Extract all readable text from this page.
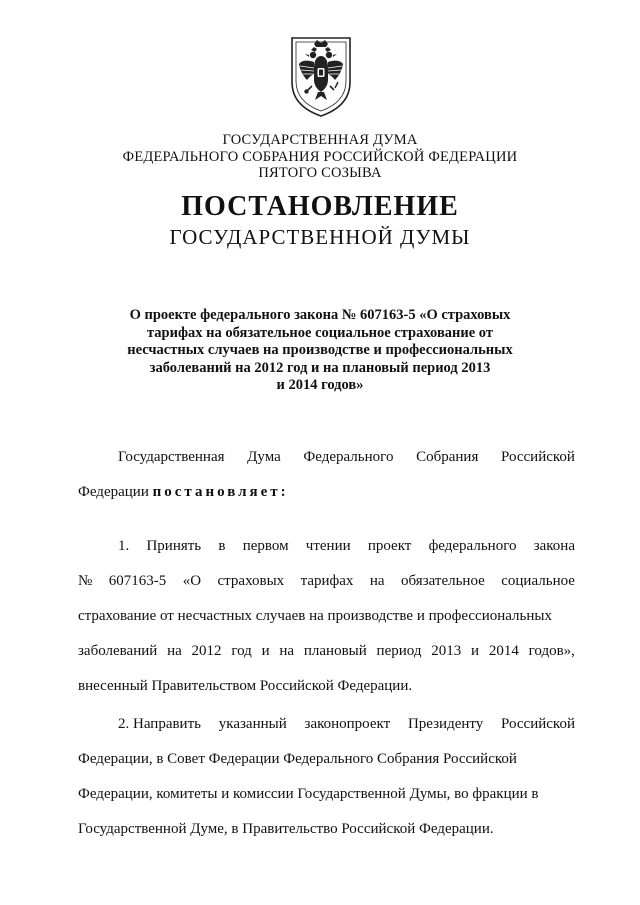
ГОСУДАРСТВЕННАЯ ДУМА
ФЕДЕРАЛЬНОГО СОБРАНИЯ РОССИЙСКОЙ ФЕДЕРАЦИИ
ПЯТОГО СОЗЫВА
ПОСТАНОВЛЕНИЕ
ГОСУДАРСТВЕННОЙ ДУМЫ
О проекте федерального закона № 607163-5 «О страховых
тарифах на обязательное социальное страхование от
несчастных случаев на производстве и профессиональных
заболеваний на 2012 год и на плановый период 2013
и 2014 годов»
Государственная Дума Федерального Собрания Российской
Федерации постановляет:
1. Принять в первом чтении проект федерального закона
№ 607163-5 «О страховых тарифах на обязательное социальное
страхование от несчастных случаев на производстве и профессиональных
заболеваний на 2012 год и на плановый период 2013 и 2014 годов»,
внесенный Правительством Российской Федерации.
2. Направить указанный законопроект Президенту Российской
Федерации, в Совет Федерации Федерального Собрания Российской
Федерации, комитеты и комиссии Государственной Думы, во фракции в
Государственной Думе, в Правительство Российской Федерации.
